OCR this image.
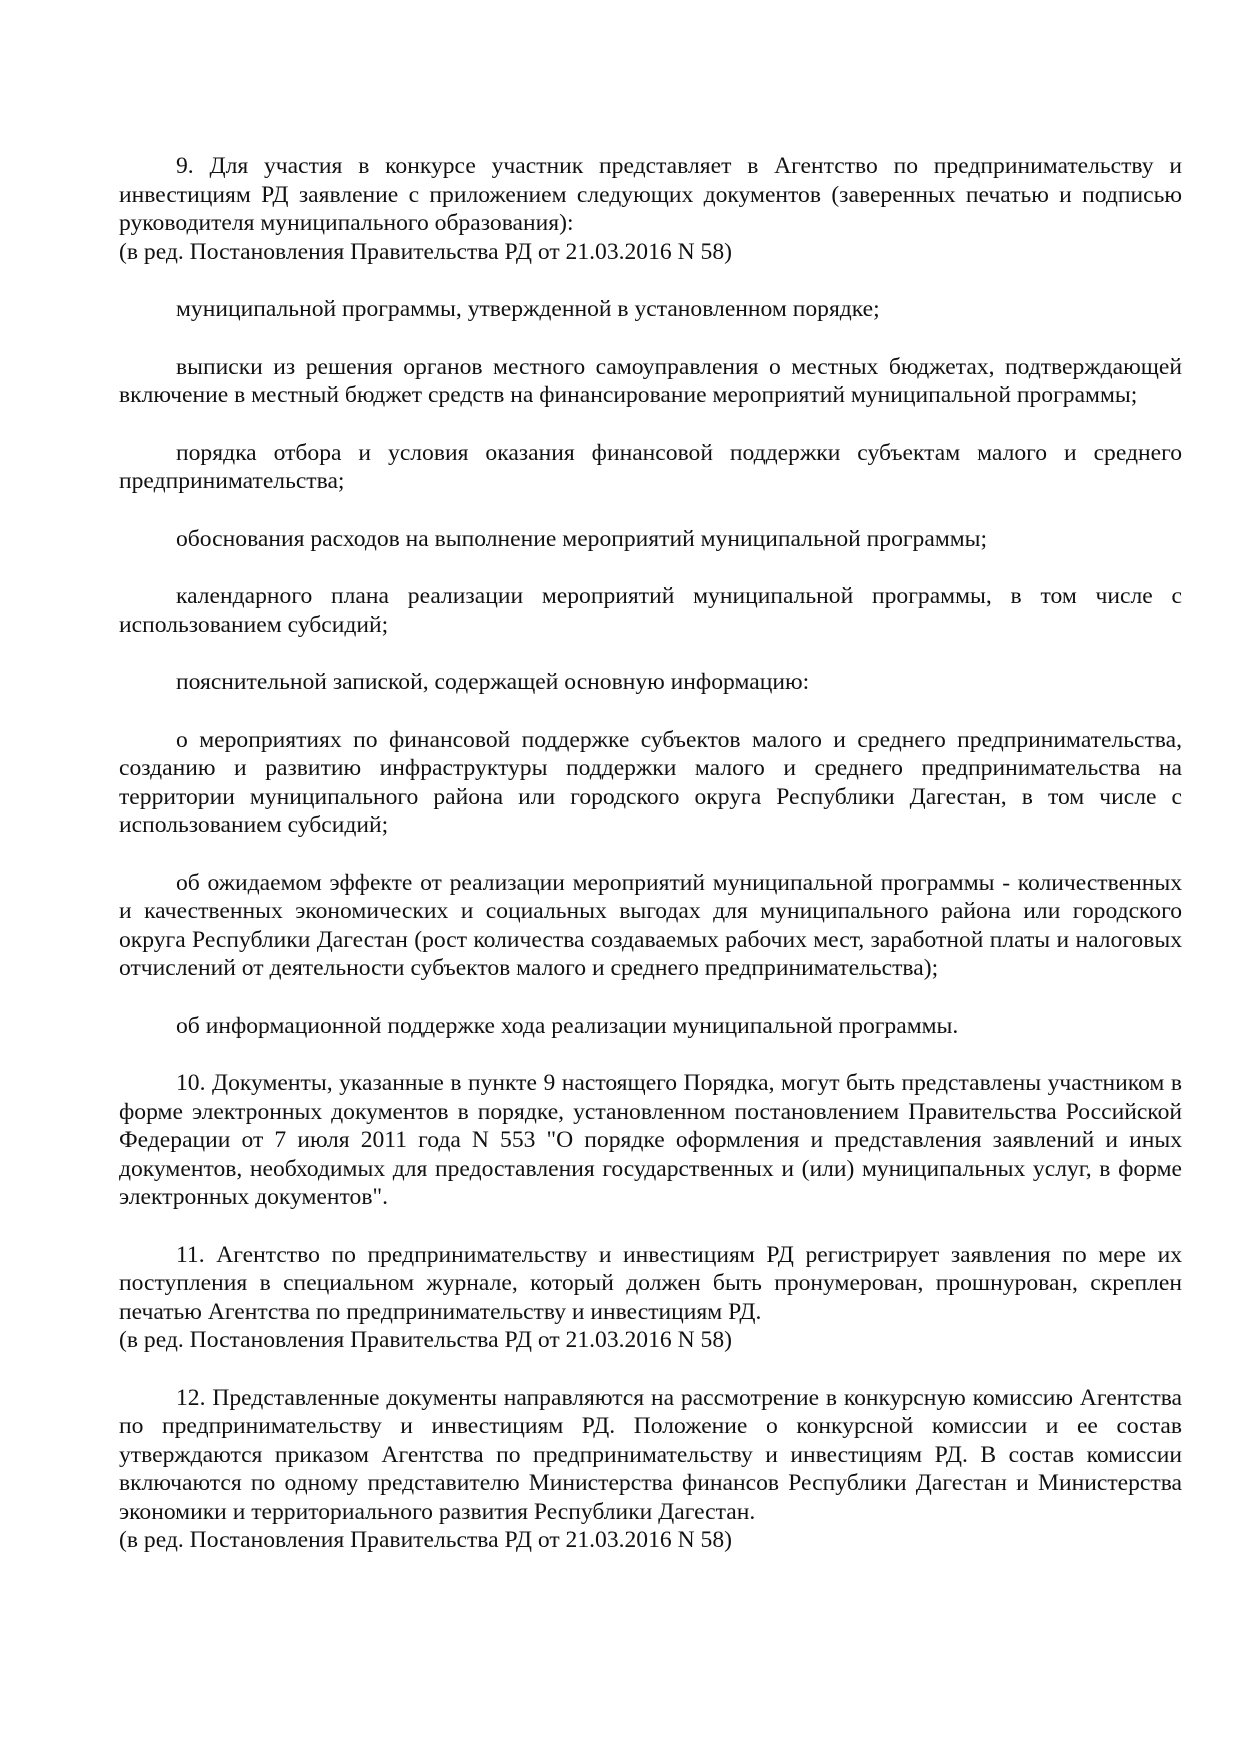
9. Для участия в конкурсе участник представляет в Агентство по предпринимательству и инвестициям РД заявление с приложением следующих документов (заверенных печатью и подписью руководителя муниципального образования):

(в ред. Постановления Правительства РД от 21.03.2016 N 58)

муниципальной программы, утвержденной в установленном порядке;

выписки из решения органов местного самоуправления о местных бюджетах, подтверждающей включение в местный бюджет средств на финансирование мероприятий муниципальной программы;

порядка отбора и условия оказания финансовой поддержки субъектам малого и среднего предпринимательства;

обоснования расходов на выполнение мероприятий муниципальной программы;

календарного плана реализации мероприятий муниципальной программы, в том числе с использованием субсидий;

пояснительной запиской, содержащей основную информацию:

о мероприятиях по финансовой поддержке субъектов малого и среднего предпринимательства, созданию и развитию инфраструктуры поддержки малого и среднего предпринимательства на территории муниципального района или городского округа Республики Дагестан, в том числе с использованием субсидий;

об ожидаемом эффекте от реализации мероприятий муниципальной программы - количественных и качественных экономических и социальных выгодах для муниципального района или городского округа Республики Дагестан (рост количества создаваемых рабочих мест, заработной платы и налоговых отчислений от деятельности субъектов малого и среднего предпринимательства);

об информационной поддержке хода реализации муниципальной программы.

10. Документы, указанные в пункте 9 настоящего Порядка, могут быть представлены участником в форме электронных документов в порядке, установленном постановлением Правительства Российской Федерации от 7 июля 2011 года N 553 "О порядке оформления и представления заявлений и иных документов, необходимых для предоставления государственных и (или) муниципальных услуг, в форме электронных документов".

11. Агентство по предпринимательству и инвестициям РД регистрирует заявления по мере их поступления в специальном журнале, который должен быть пронумерован, прошнурован, скреплен печатью Агентства по предпринимательству и инвестициям РД.

(в ред. Постановления Правительства РД от 21.03.2016 N 58)

12. Представленные документы направляются на рассмотрение в конкурсную комиссию Агентства по предпринимательству и инвестициям РД. Положение о конкурсной комиссии и ее состав утверждаются приказом Агентства по предпринимательству и инвестициям РД. В состав комиссии включаются по одному представителю Министерства финансов Республики Дагестан и Министерства экономики и территориального развития Республики Дагестан.

(в ред. Постановления Правительства РД от 21.03.2016 N 58)
